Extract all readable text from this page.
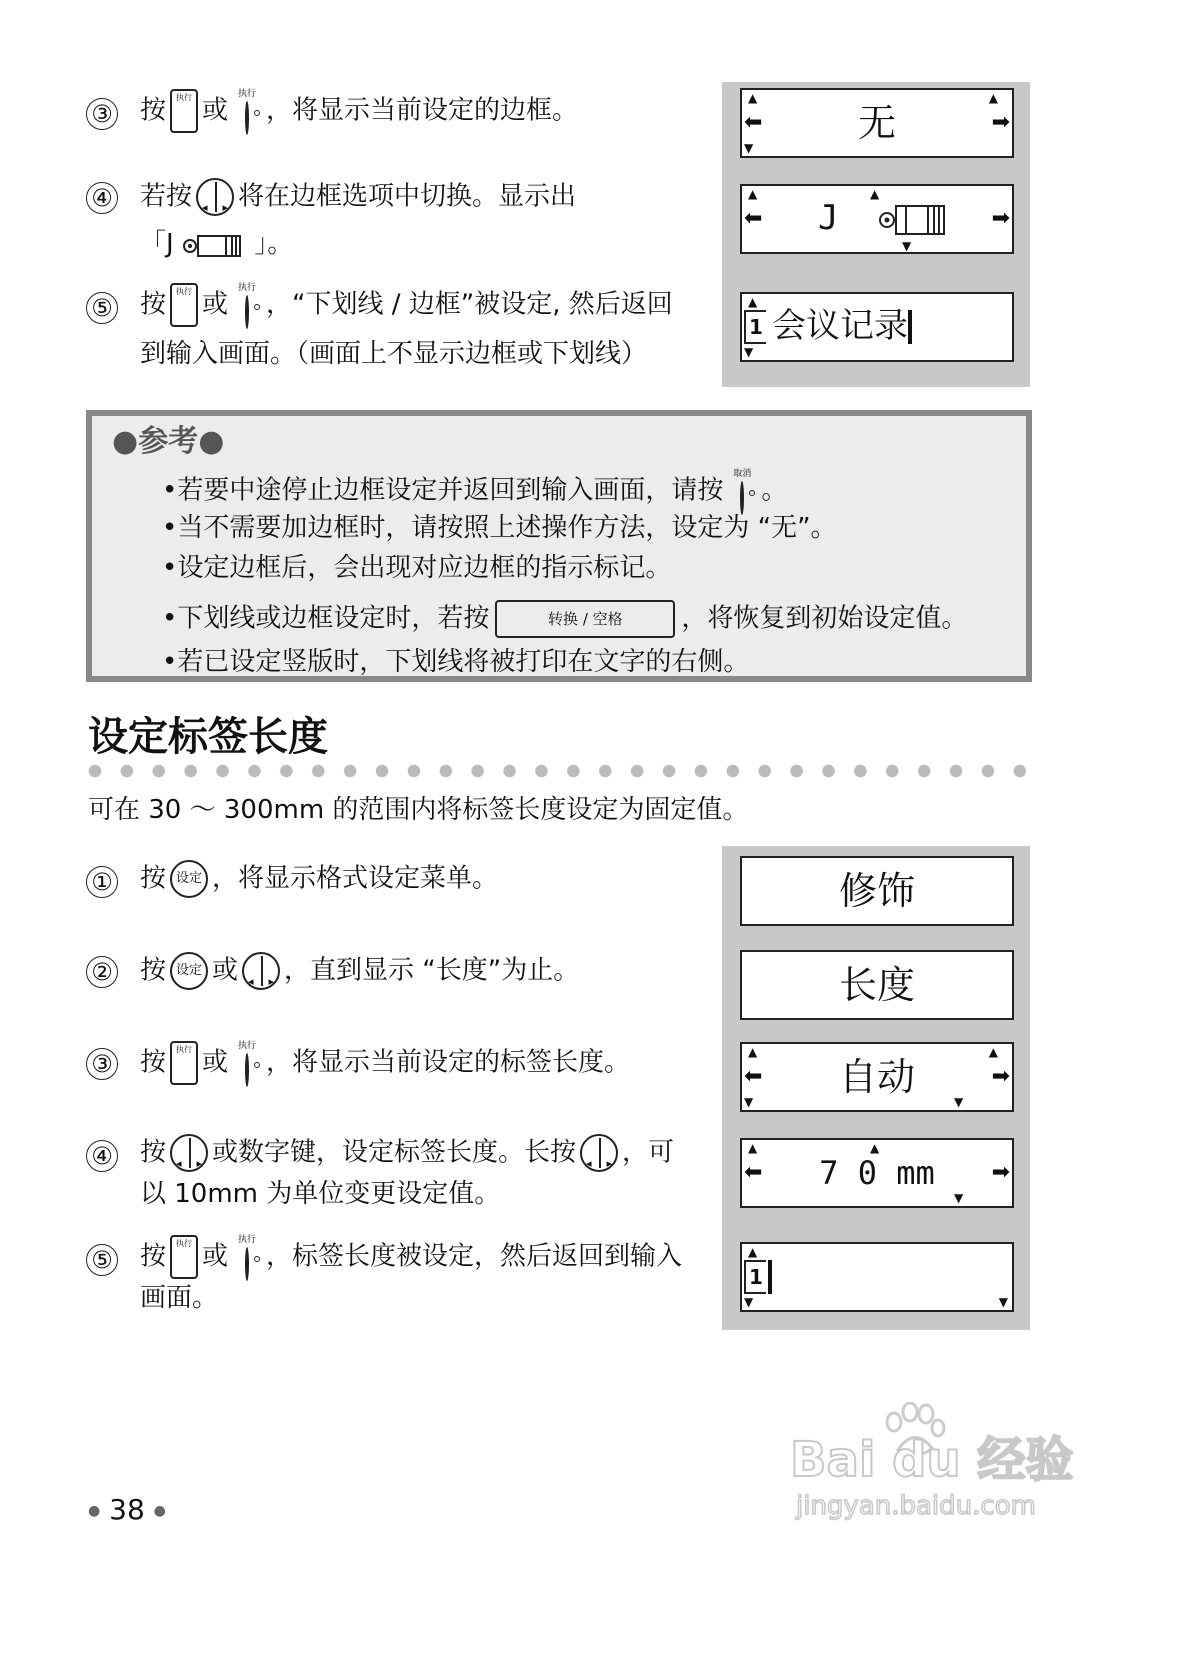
③ 按 执行 或
执行
，将显示当前设定的边框。
④ 若按 ◂ ▸ 将在边框选项中切换。显示出
「J	」。
⑤ 按 执行 或
执行
，“下划线 / 边框”被设定, 然后返回
到输入画面。（画面上不显示边框或下划线）
▲	▲
▼
⬅	➡
无
▲	▲
▼
⬅	➡
J
▲
▼
1 会议记录
●参考●
•若要中途停止边框设定并返回到输入画面，请按
取消
。
•当不需要加边框时，请按照上述操作方法，设定为 “无”。
•设定边框后，会出现对应边框的指示标记。
•下划线或边框设定时，若按	转换 / 空格 ，将恢复到初始设定值。
•若已设定竖版时，下划线将被打印在文字的右侧。
设定标签长度
可在 30 ～ 300mm 的范围内将标签长度设定为固定值。
① 按 设定 ，将显示格式设定菜单。
② 按 设定 或 ◂ ▸ ，直到显示 “长度”为止。
③ 按 执行 或
执行
，将显示当前设定的标签长度。
④ 按 ◂ ▸ 或数字键，设定标签长度。长按 ◂ ▸ ，可
以 10mm 为单位变更设定值。
⑤ 按 执行 或
执行
，标签长度被设定，然后返回到输入
画面。
修饰
长度
▲	▲
▼	▼
⬅	➡
自动
▲	▲
▼
⬅	➡
7 0 mm
▲
▼	▼
1
Bai du 经验
jingyan.baidu.com
● 38 ●
